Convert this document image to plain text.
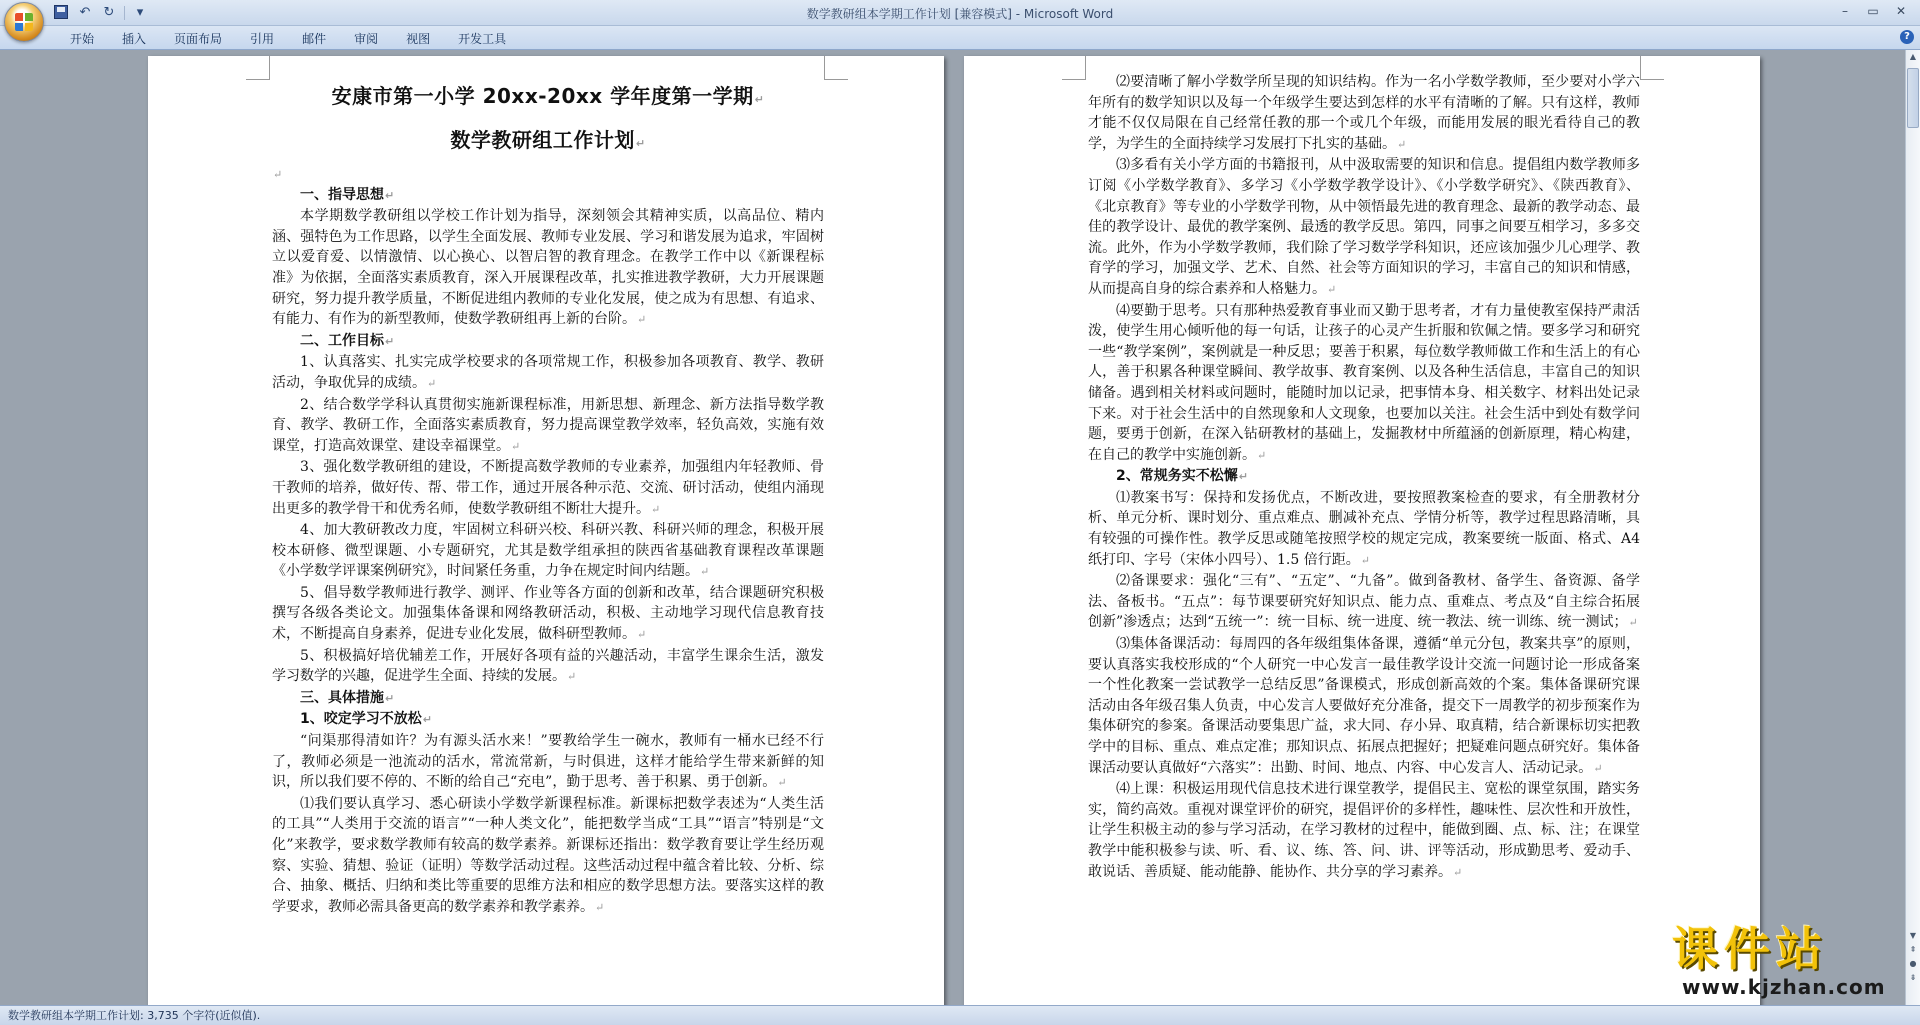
↶ ↻	▾	数学教研组本学期工作计划 [兼容模式] - Microsoft Word	–	▭	✕
开始	插入	页面布局	引用	邮件	审阅	视图	开发工具	?
安康市第一小学 20xx-20xx 学年度第一学期↵
数学教研组工作计划↵
↵
一、指导思想↵
本学期数学教研组以学校工作计划为指导，深刻领会其精神实质，以高品位、精内涵、强特色为工作思路，以学生全面发展、教师专业发展、学习和谐发展为追求，牢固树立以爱育爱、以情激情、以心换心、以智启智的教育理念。在教学工作中以《新课程标准》为依据，全面落实素质教育，深入开展课程改革，扎实推进教学教研，大力开展课题研究，努力提升教学质量，不断促进组内教师的专业化发展，使之成为有思想、有追求、有能力、有作为的新型教师，使数学教研组再上新的台阶。↵
二、工作目标↵
1、认真落实、扎实完成学校要求的各项常规工作，积极参加各项教育、教学、教研活动，争取优异的成绩。↵
2、结合数学学科认真贯彻实施新课程标准，用新思想、新理念、新方法指导数学教育、教学、教研工作，全面落实素质教育，努力提高课堂教学效率，轻负高效，实施有效课堂，打造高效课堂、建设幸福课堂。↵
3、强化数学教研组的建设，不断提高数学教师的专业素养，加强组内年轻教师、骨干教师的培养，做好传、帮、带工作，通过开展各种示范、交流、研讨活动，使组内涌现出更多的教学骨干和优秀名师，使数学教研组不断壮大提升。↵
4、加大教研教改力度，牢固树立科研兴校、科研兴教、科研兴师的理念，积极开展校本研修、微型课题、小专题研究，尤其是数学组承担的陕西省基础教育课程改革课题《小学数学评课案例研究》，时间紧任务重，力争在规定时间内结题。↵
5、倡导数学教师进行教学、测评、作业等各方面的创新和改革，结合课题研究积极撰写各级各类论文。加强集体备课和网络教研活动，积极、主动地学习现代信息教育技术，不断提高自身素养，促进专业化发展，做科研型教师。↵
5、积极搞好培优辅差工作，开展好各项有益的兴趣活动，丰富学生课余生活，激发学习数学的兴趣，促进学生全面、持续的发展。↵
三、具体措施↵
1、咬定学习不放松↵
“问渠那得清如许？为有源头活水来！”要教给学生一碗水，教师有一桶水已经不行了，教师必须是一池流动的活水，常流常新，与时俱进，这样才能给学生带来新鲜的知识，所以我们要不停的、不断的给自己“充电”，勤于思考、善于积累、勇于创新。↵
⑴我们要认真学习、悉心研读小学数学新课程标准。新课标把数学表述为“人类生活的工具”“人类用于交流的语言”“一种人类文化”，能把数学当成“工具”“语言”特别是“文化”来教学，要求数学教师有较高的数学素养。新课标还指出：数学教育要让学生经历观察、实验、猜想、验证（证明）等数学活动过程。这些活动过程中蕴含着比较、分析、综合、抽象、概括、归纳和类比等重要的思维方法和相应的数学思想方法。要落实这样的教学要求，教师必需具备更高的数学素养和教学素养。↵
⑵要清晰了解小学数学所呈现的知识结构。作为一名小学数学教师，至少要对小学六年所有的数学知识以及每一个年级学生要达到怎样的水平有清晰的了解。只有这样，教师才能不仅仅局限在自己经常任教的那一个或几个年级，而能用发展的眼光看待自己的教学，为学生的全面持续学习发展打下扎实的基础。↵
⑶多看有关小学方面的书籍报刊，从中汲取需要的知识和信息。提倡组内数学教师多订阅《小学数学教育》、多学习《小学数学教学设计》、《小学数学研究》、《陕西教育》、《北京教育》等专业的小学数学刊物，从中领悟最先进的教育理念、最新的教学动态、最佳的教学设计、最优的教学案例、最透的教学反思。第四，同事之间要互相学习，多多交流。此外，作为小学数学教师，我们除了学习数学学科知识，还应该加强少儿心理学、教育学的学习，加强文学、艺术、自然、社会等方面知识的学习，丰富自己的知识和情感，从而提高自身的综合素养和人格魅力。↵
⑷要勤于思考。只有那种热爱教育事业而又勤于思考者，才有力量使教室保持严肃活泼，使学生用心倾听他的每一句话，让孩子的心灵产生折服和钦佩之情。要多学习和研究一些“教学案例”，案例就是一种反思；要善于积累，每位数学教师做工作和生活上的有心人，善于积累各种课堂瞬间、教学故事、教育案例、以及各种生活信息，丰富自己的知识储备。遇到相关材料或问题时，能随时加以记录，把事情本身、相关数字、材料出处记录下来。对于社会生活中的自然现象和人文现象，也要加以关注。社会生活中到处有数学问题，要勇于创新，在深入钻研教材的基础上，发掘教材中所蕴涵的创新原理，精心构建，在自己的教学中实施创新。↵
2、常规务实不松懈↵
⑴教案书写：保持和发扬优点，不断改进，要按照教案检查的要求，有全册教材分析、单元分析、课时划分、重点难点、删减补充点、学情分析等，教学过程思路清晰，具有较强的可操作性。教学反思或随笔按照学校的规定完成，教案要统一版面、格式、A4 纸打印、字号（宋体小四号）、1.5 倍行距。↵
⑵备课要求：强化“三有”、“五定”、“九备”。做到备教材、备学生、备资源、备学法、备板书。“五点”：每节课要研究好知识点、能力点、重难点、考点及“自主综合拓展创新”渗透点；达到“五统一”：统一目标、统一进度、统一教法、统一训练、统一测试；↵
⑶集体备课活动：每周四的各年级组集体备课，遵循“单元分包，教案共享”的原则，要认真落实我校形成的“个人研究一中心发言一最佳教学设计交流一问题讨论一形成备案一个性化教案一尝试教学一总结反思”备课模式，形成创新高效的个案。集体备课研究课活动由各年级召集人负责，中心发言人要做好充分准备，提交下一周教学的初步预案作为集体研究的参案。备课活动要集思广益，求大同、存小异、取真精，结合新课标切实把教学中的目标、重点、难点定准；那知识点、拓展点把握好；把疑难问题点研究好。集体备课活动要认真做好“六落实”：出勤、时间、地点、内容、中心发言人、活动记录。↵
⑷上课：积极运用现代信息技术进行课堂教学，提倡民主、宽松的课堂氛围，踏实务实，简约高效。重视对课堂评价的研究，提倡评价的多样性，趣味性、层次性和开放性，让学生积极主动的参与学习活动，在学习教材的过程中，能做到圈、点、标、注；在课堂教学中能积极参与读、听、看、议、练、答、问、讲、评等活动，形成勤思考、爱动手、敢说话、善质疑、能动能静、能协作、共分享的学习素养。↵
▲
▼
⇞
●
⇟
课件站
www.kjzhan.com
数学教研组本学期工作计划: 3,735 个字符(近似值).
